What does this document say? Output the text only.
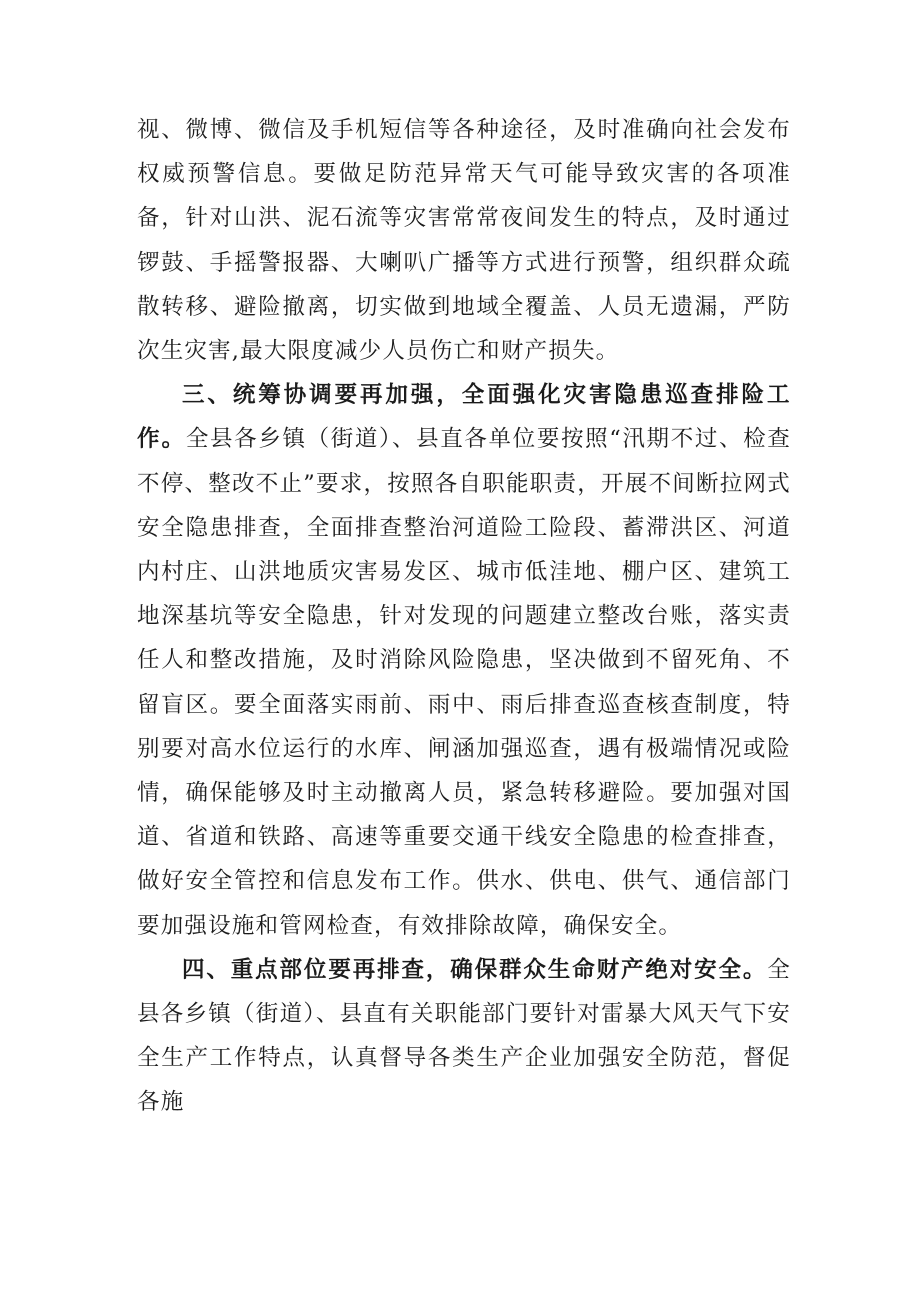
视、微博、微信及手机短信等各种途径，及时准确向社会发布权威预警信息。要做足防范异常天气可能导致灾害的各项准备，针对山洪、泥石流等灾害常常夜间发生的特点，及时通过锣鼓、手摇警报器、大喇叭广播等方式进行预警，组织群众疏散转移、避险撤离，切实做到地域全覆盖、人员无遗漏，严防次生灾害,最大限度减少人员伤亡和财产损失。

三、统筹协调要再加强，全面强化灾害隐患巡查排险工作。全县各乡镇（街道）、县直各单位要按照“汛期不过、检查不停、整改不止”要求，按照各自职能职责，开展不间断拉网式安全隐患排查，全面排查整治河道险工险段、蓄滞洪区、河道内村庄、山洪地质灾害易发区、城市低洼地、棚户区、建筑工地深基坑等安全隐患，针对发现的问题建立整改台账，落实责任人和整改措施，及时消除风险隐患，坚决做到不留死角、不留盲区。要全面落实雨前、雨中、雨后排查巡查核查制度，特别要对高水位运行的水库、闸涵加强巡查，遇有极端情况或险情，确保能够及时主动撤离人员，紧急转移避险。要加强对国道、省道和铁路、高速等重要交通干线安全隐患的检查排查，做好安全管控和信息发布工作。供水、供电、供气、通信部门要加强设施和管网检查，有效排除故障，确保安全。

四、重点部位要再排查，确保群众生命财产绝对安全。全县各乡镇（街道）、县直有关职能部门要针对雷暴大风天气下安全生产工作特点，认真督导各类生产企业加强安全防范，督促各施
